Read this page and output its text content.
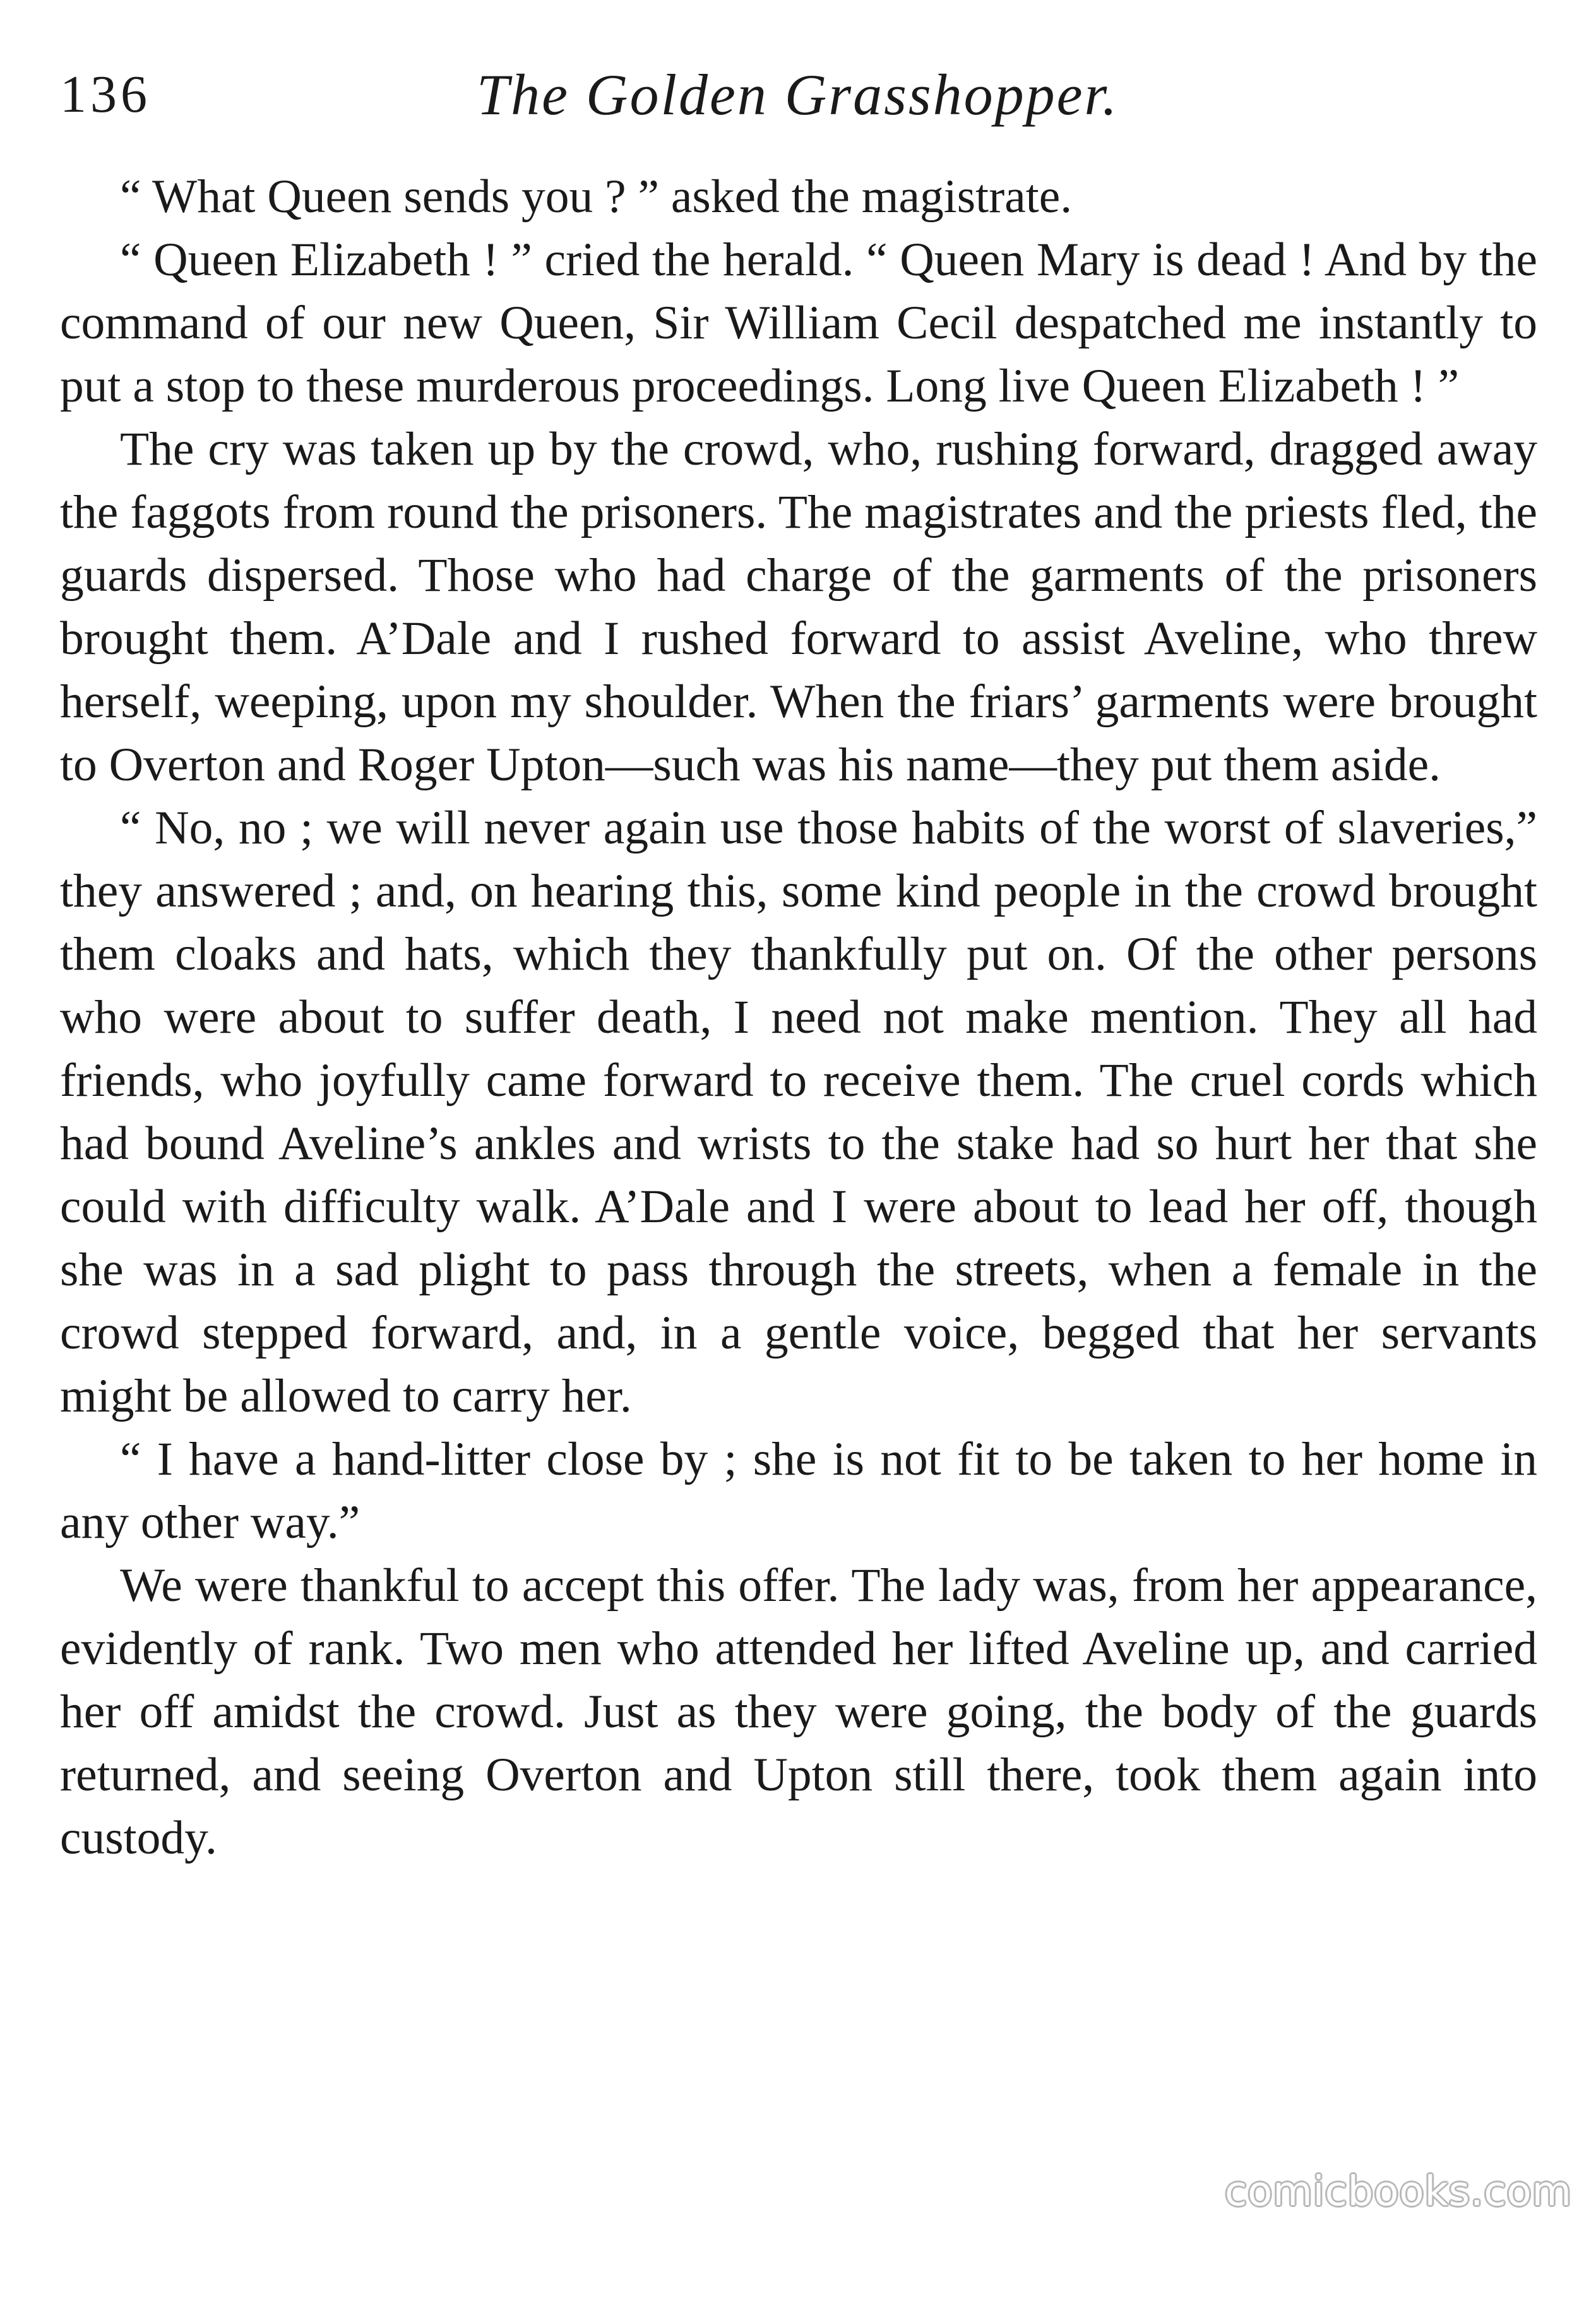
136	The Golden Grasshopper.

“ What Queen sends you ? ” asked the magistrate.

“ Queen Elizabeth ! ” cried the herald. “ Queen Mary is dead ! And by the command of our new Queen, Sir William Cecil despatched me instantly to put a stop to these murderous proceedings. Long live Queen Elizabeth ! ”

The cry was taken up by the crowd, who, rushing forward, dragged away the faggots from round the prisoners. The magistrates and the priests fled, the guards dispersed. Those who had charge of the garments of the prisoners brought them. A’Dale and I rushed forward to assist Aveline, who threw herself, weeping, upon my shoulder. When the friars’ garments were brought to Overton and Roger Upton—such was his name—they put them aside.

“ No, no ; we will never again use those habits of the worst of slaveries,” they answered ; and, on hearing this, some kind people in the crowd brought them cloaks and hats, which they thankfully put on. Of the other persons who were about to suffer death, I need not make mention. They all had friends, who joyfully came forward to receive them. The cruel cords which had bound Aveline’s ankles and wrists to the stake had so hurt her that she could with difficulty walk. A’Dale and I were about to lead her off, though she was in a sad plight to pass through the streets, when a female in the crowd stepped forward, and, in a gentle voice, begged that her servants might be allowed to carry her.

“ I have a hand-litter close by ; she is not fit to be taken to her home in any other way.”

We were thankful to accept this offer. The lady was, from her appearance, evidently of rank. Two men who attended her lifted Aveline up, and carried her off amidst the crowd. Just as they were going, the body of the guards returned, and seeing Overton and Upton still there, took them again into custody.

comicbooks.com
